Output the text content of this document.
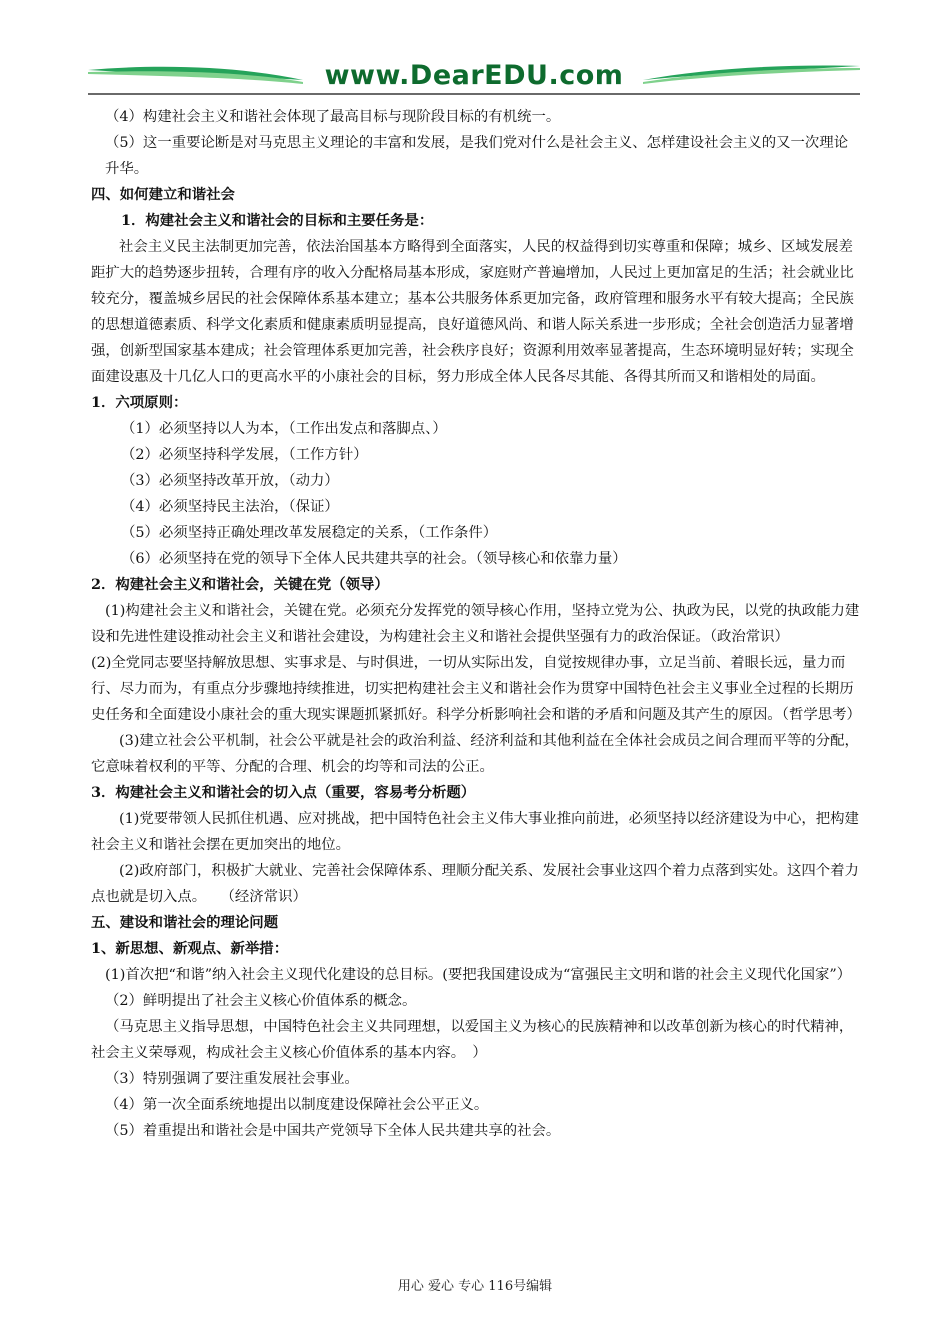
www.DearEDU.com

（4）构建社会主义和谐社会体现了最高目标与现阶段目标的有机统一。

（5）这一重要论断是对马克思主义理论的丰富和发展，是我们党对什么是社会主义、怎样建设社会主义的又一次理论升华。

四、如何建立和谐社会

1．构建社会主义和谐社会的目标和主要任务是：

社会主义民主法制更加完善，依法治国基本方略得到全面落实，人民的权益得到切实尊重和保障；城乡、区域发展差距扩大的趋势逐步扭转，合理有序的收入分配格局基本形成，家庭财产普遍增加，人民过上更加富足的生活；社会就业比较充分，覆盖城乡居民的社会保障体系基本建立；基本公共服务体系更加完备，政府管理和服务水平有较大提高；全民族的思想道德素质、科学文化素质和健康素质明显提高，良好道德风尚、和谐人际关系进一步形成；全社会创造活力显著增强，创新型国家基本建成；社会管理体系更加完善，社会秩序良好；资源利用效率显著提高，生态环境明显好转；实现全面建设惠及十几亿人口的更高水平的小康社会的目标，努力形成全体人民各尽其能、各得其所而又和谐相处的局面。

1．六项原则：

（1）必须坚持以人为本，（工作出发点和落脚点、）

（2）必须坚持科学发展，（工作方针）

（3）必须坚持改革开放，（动力）

（4）必须坚持民主法治，（保证）

（5）必须坚持正确处理改革发展稳定的关系，（工作条件）

（6）必须坚持在党的领导下全体人民共建共享的社会。（领导核心和依靠力量）

2．构建社会主义和谐社会，关键在党（领导）

(1)构建社会主义和谐社会，关键在党。必须充分发挥党的领导核心作用，坚持立党为公、执政为民，以党的执政能力建设和先进性建设推动社会主义和谐社会建设，为构建社会主义和谐社会提供坚强有力的政治保证。（政治常识）

(2)全党同志要坚持解放思想、实事求是、与时俱进，一切从实际出发，自觉按规律办事，立足当前、着眼长远，量力而行、尽力而为，有重点分步骤地持续推进，切实把构建社会主义和谐社会作为贯穿中国特色社会主义事业全过程的长期历史任务和全面建设小康社会的重大现实课题抓紧抓好。科学分析影响社会和谐的矛盾和问题及其产生的原因。（哲学思考）

(3)建立社会公平机制，社会公平就是社会的政治利益、经济利益和其他利益在全体社会成员之间合理而平等的分配，它意味着权利的平等、分配的合理、机会的均等和司法的公正。

3．构建社会主义和谐社会的切入点（重要，容易考分析题）

(1)党要带领人民抓住机遇、应对挑战，把中国特色社会主义伟大事业推向前进，必须坚持以经济建设为中心，把构建社会主义和谐社会摆在更加突出的地位。

(2)政府部门，积极扩大就业、完善社会保障体系、理顺分配关系、发展社会事业这四个着力点落到实处。这四个着力点也就是切入点。　　（经济常识）

五、建设和谐社会的理论问题

1、新思想、新观点、新举措：

(1)首次把“和谐”纳入社会主义现代化建设的总目标。(要把我国建设成为“富强民主文明和谐的社会主义现代化国家”）

（2）鲜明提出了社会主义核心价值体系的概念。

（马克思主义指导思想，中国特色社会主义共同理想，以爱国主义为核心的民族精神和以改革创新为核心的时代精神，社会主义荣辱观，构成社会主义核心价值体系的基本内容。　）

（3）特别强调了要注重发展社会事业。

（4）第一次全面系统地提出以制度建设保障社会公平正义。

（5）着重提出和谐社会是中国共产党领导下全体人民共建共享的社会。

用心 爱心 专心 116号编辑
